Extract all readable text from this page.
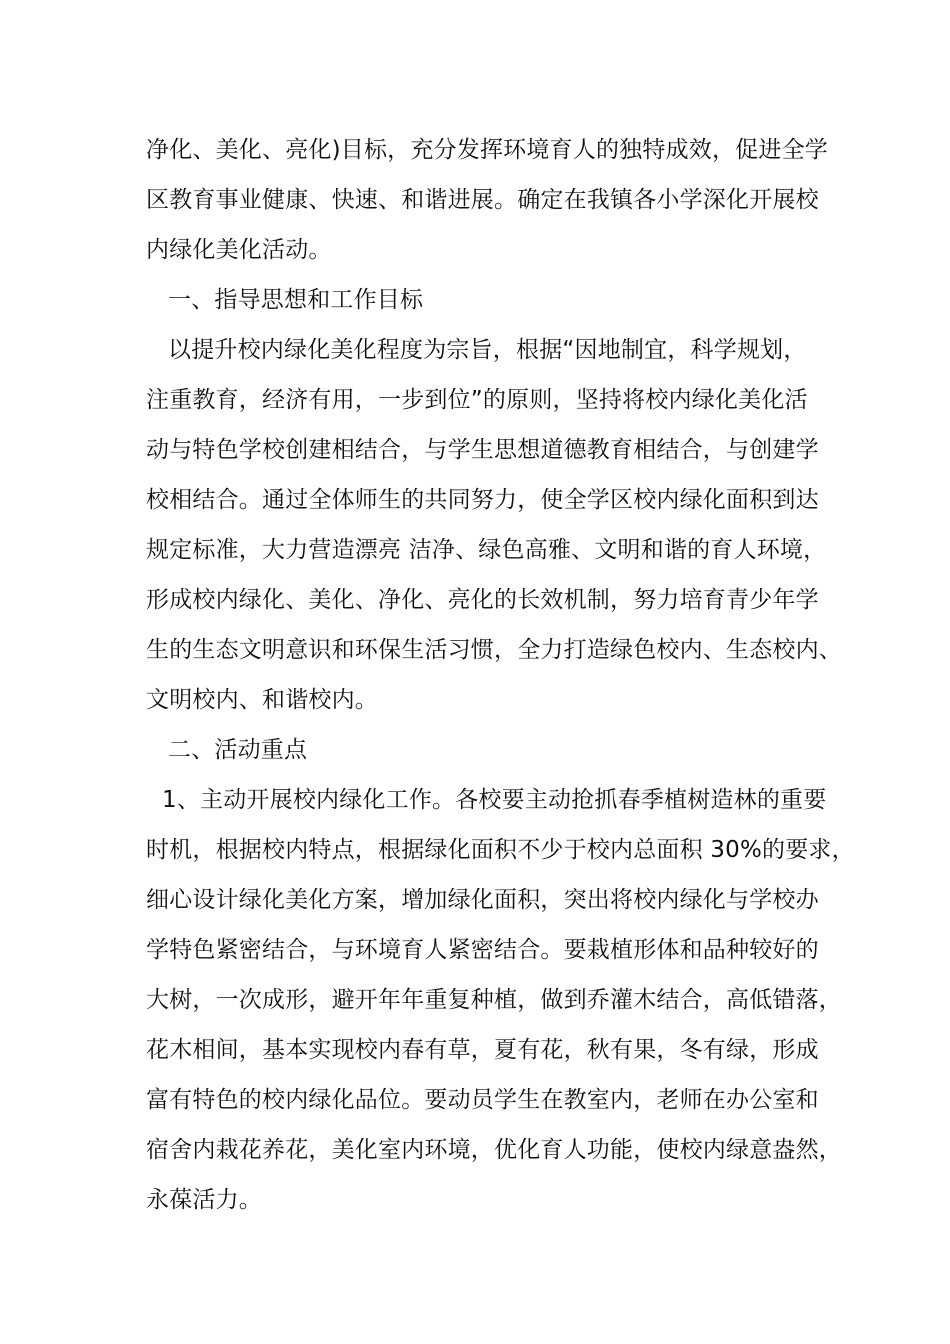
净化、美化、亮化)目标，充分发挥环境育人的独特成效，促进全学
区教育事业健康、快速、和谐进展。确定在我镇各小学深化开展校
内绿化美化活动。
一、指导思想和工作目标
以提升校内绿化美化程度为宗旨，根据“因地制宜，科学规划，
注重教育，经济有用，一步到位”的原则，坚持将校内绿化美化活
动与特色学校创建相结合，与学生思想道德教育相结合，与创建学
校相结合。通过全体师生的共同努力，使全学区校内绿化面积到达
规定标准，大力营造漂亮 洁净、绿色高雅、文明和谐的育人环境，
形成校内绿化、美化、净化、亮化的长效机制，努力培育青少年学
生的生态文明意识和环保生活习惯，全力打造绿色校内、生态校内、
文明校内、和谐校内。
二、活动重点
1、主动开展校内绿化工作。各校要主动抢抓春季植树造林的重要
时机，根据校内特点，根据绿化面积不少于校内总面积 30%的要求，
细心设计绿化美化方案，增加绿化面积，突出将校内绿化与学校办
学特色紧密结合，与环境育人紧密结合。要栽植形体和品种较好的
大树，一次成形，避开年年重复种植，做到乔灌木结合，高低错落，
花木相间，基本实现校内春有草，夏有花，秋有果，冬有绿，形成
富有特色的校内绿化品位。要动员学生在教室内，老师在办公室和
宿舍内栽花养花，美化室内环境，优化育人功能，使校内绿意盎然，
永葆活力。
